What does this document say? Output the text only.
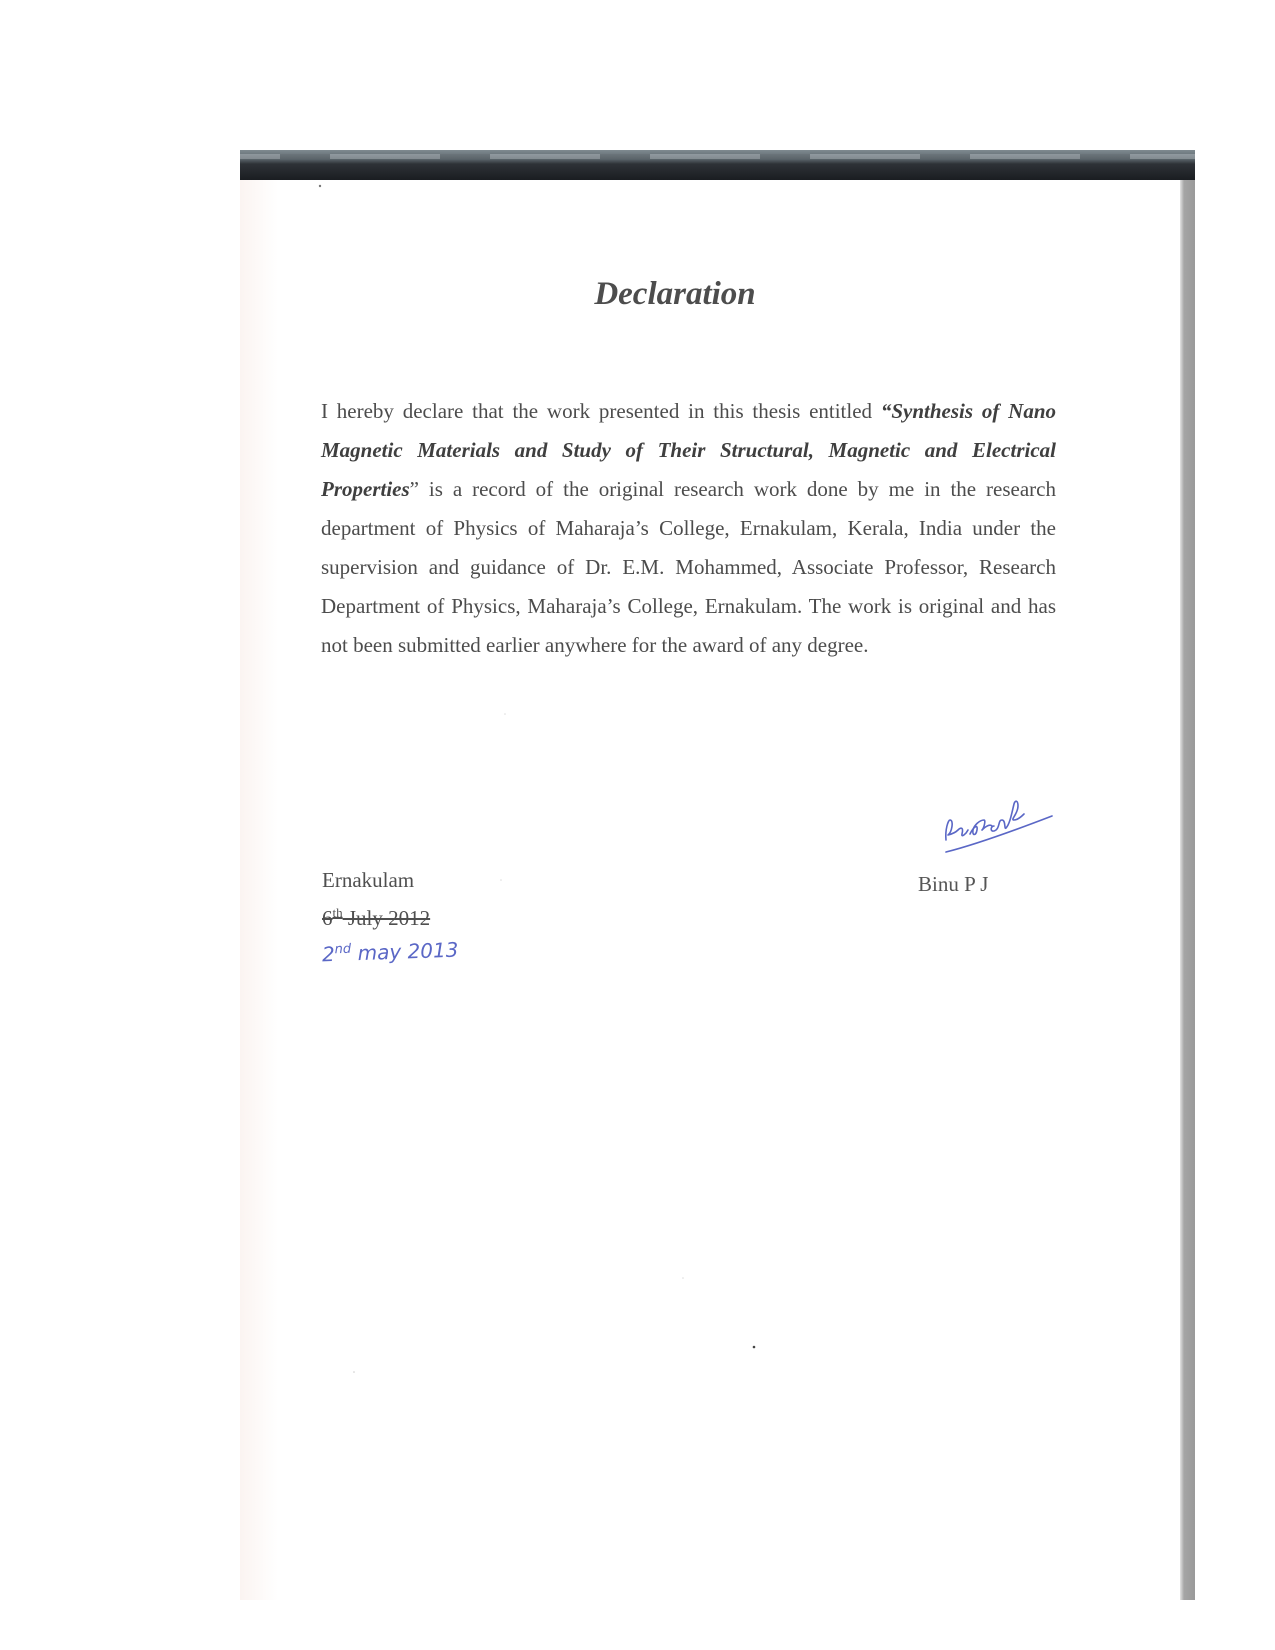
Declaration

I hereby declare that the work presented in this thesis entitled “Synthesis of Nano Magnetic Materials and Study of Their Structural, Magnetic and Electrical Properties” is a record of the original research work done by me in the research department of Physics of Maharaja’s College, Ernakulam, Kerala, India under the supervision and guidance of Dr. E.M. Mohammed, Associate Professor, Research Department of Physics, Maharaja’s College, Ernakulam. The work is original and has not been submitted earlier anywhere for the award of any degree.

Ernakulam

6th July 2012

2nd may 2013

Binu P J
